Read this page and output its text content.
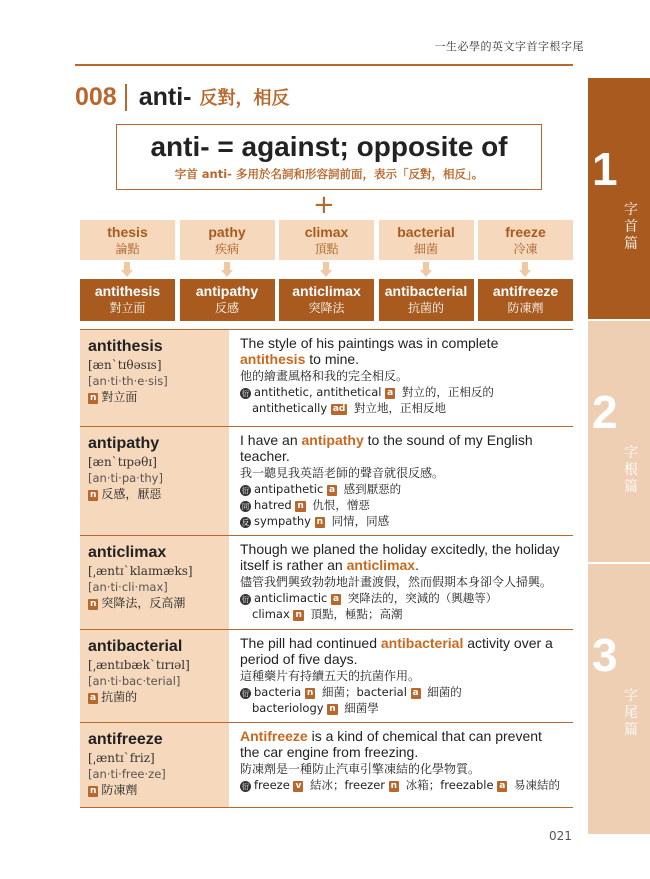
一生必學的英文字首字根字尾
1
字首篇
2
字根篇
3
字尾篇
008 anti- 反對，相反
anti- = against; opposite of
字首 anti- 多用於名詞和形容詞前面，表示「反對，相反」。
+
thesis
論點
pathy
疾病
climax
頂點
bacterial
細菌
freeze
冷凍
antithesis
對立面
antipathy
反感
anticlimax
突降法
antibacterial
抗菌的
antifreeze
防凍劑
antithesis
[æn`tɪθəsɪs]
[an·ti·th·e·sis]
n 對立面
The style of his paintings was in complete antithesis to mine.
他的繪畫風格和我的完全相反。
衍 antithetic, antithetical a 對立的，正相反的
antithetically ad 對立地，正相反地
antipathy
[æn`tɪpəθɪ]
[an·ti·pa·thy]
n 反感，厭惡
I have an antipathy to the sound of my English teacher.
我一聽見我英語老師的聲音就很反感。
衍 antipathetic a 感到厭惡的
同 hatred n 仇恨，憎惡
反 sympathy n 同情，同感
anticlimax
[͵æntɪ`klaɪmæks]
[an·ti·cli·max]
n 突降法，反高潮
Though we planed the holiday excitedly, the holiday itself is rather an anticlimax.
儘管我們興致勃勃地計畫渡假，然而假期本身卻令人掃興。
衍 anticlimactic a 突降法的，突減的（興趣等）
climax n 頂點，極點；高潮
antibacterial
[͵æntɪbæk`tɪrɪəl]
[an·ti·bac·terial]
a 抗菌的
The pill had continued antibacterial activity over a period of five days.
這種藥片有持續五天的抗菌作用。
衍 bacteria n 細菌；bacterial a 細菌的
bacteriology n 細菌學
antifreeze
[͵æntɪ`friz]
[an·ti·free·ze]
n 防凍劑
Antifreeze is a kind of chemical that can prevent the car engine from freezing.
防凍劑是一種防止汽車引擎凍結的化學物質。
衍 freeze v 結冰；freezer n 冰箱；freezable a 易凍結的
021
